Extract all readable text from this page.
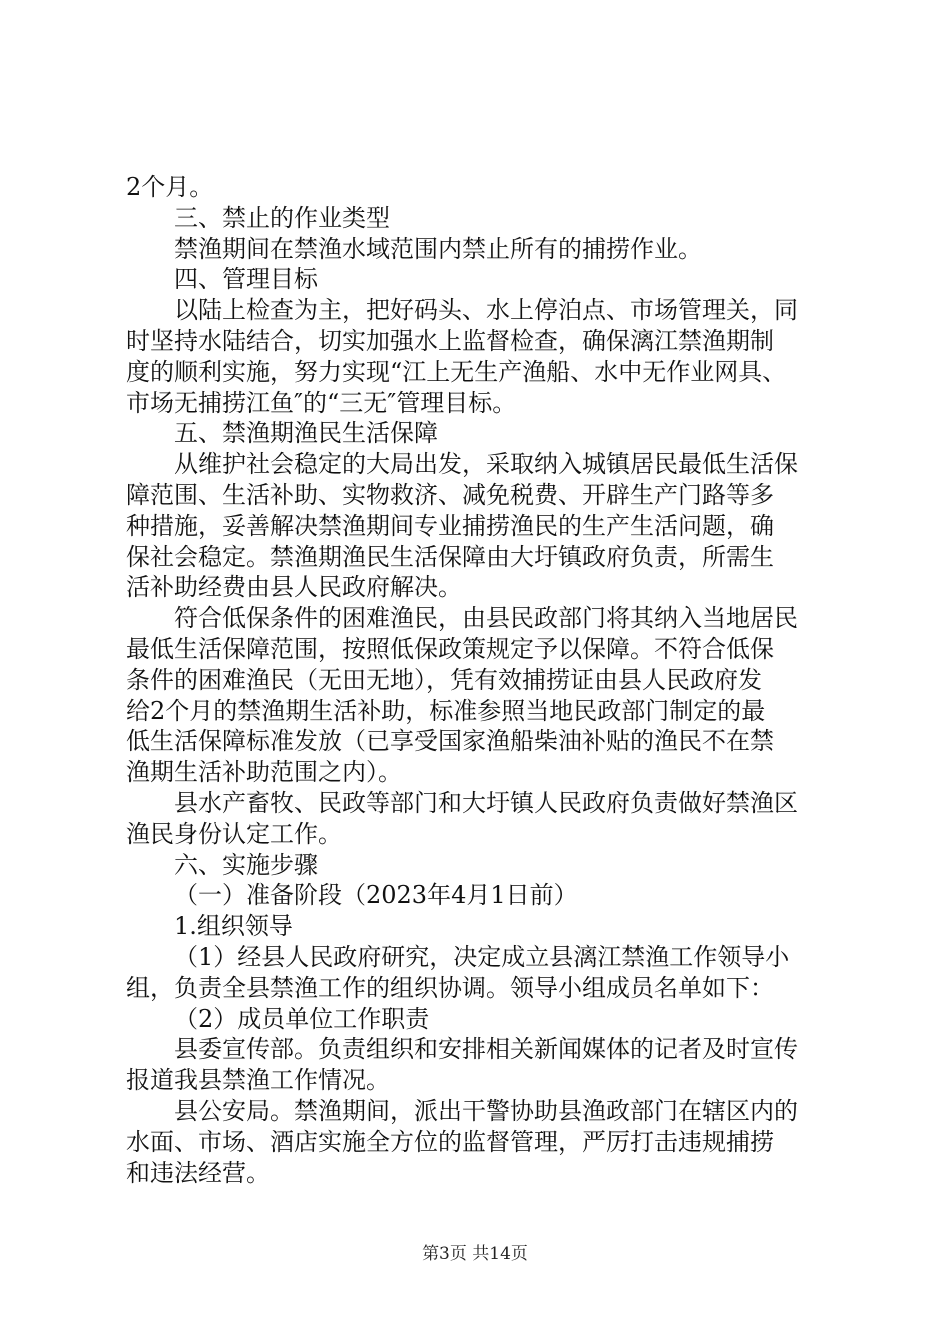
2个月。
三、禁止的作业类型
禁渔期间在禁渔水域范围内禁止所有的捕捞作业。
四、管理目标
以陆上检查为主，把好码头、水上停泊点、市场管理关，同
时坚持水陆结合，切实加强水上监督检查，确保漓江禁渔期制
度的顺利实施，努力实现“江上无生产渔船、水中无作业网具、
市场无捕捞江鱼″的“三无″管理目标。
五、禁渔期渔民生活保障
从维护社会稳定的大局出发，采取纳入城镇居民最低生活保
障范围、生活补助、实物救济、减免税费、开辟生产门路等多
种措施，妥善解决禁渔期间专业捕捞渔民的生产生活问题，确
保社会稳定。禁渔期渔民生活保障由大圩镇政府负责，所需生
活补助经费由县人民政府解决。
符合低保条件的困难渔民，由县民政部门将其纳入当地居民
最低生活保障范围，按照低保政策规定予以保障。不符合低保
条件的困难渔民（无田无地），凭有效捕捞证由县人民政府发
给2个月的禁渔期生活补助，标准参照当地民政部门制定的最
低生活保障标准发放（已享受国家渔船柴油补贴的渔民不在禁
渔期生活补助范围之内）。
县水产畜牧、民政等部门和大圩镇人民政府负责做好禁渔区
渔民身份认定工作。
六、实施步骤
（一）准备阶段（2023年4月1日前）
1.组织领导
（1）经县人民政府研究，决定成立县漓江禁渔工作领导小
组，负责全县禁渔工作的组织协调。领导小组成员名单如下：
（2）成员单位工作职责
县委宣传部。负责组织和安排相关新闻媒体的记者及时宣传
报道我县禁渔工作情况。
县公安局。禁渔期间，派出干警协助县渔政部门在辖区内的
水面、市场、酒店实施全方位的监督管理，严厉打击违规捕捞
和违法经营。
第3页 共14页
